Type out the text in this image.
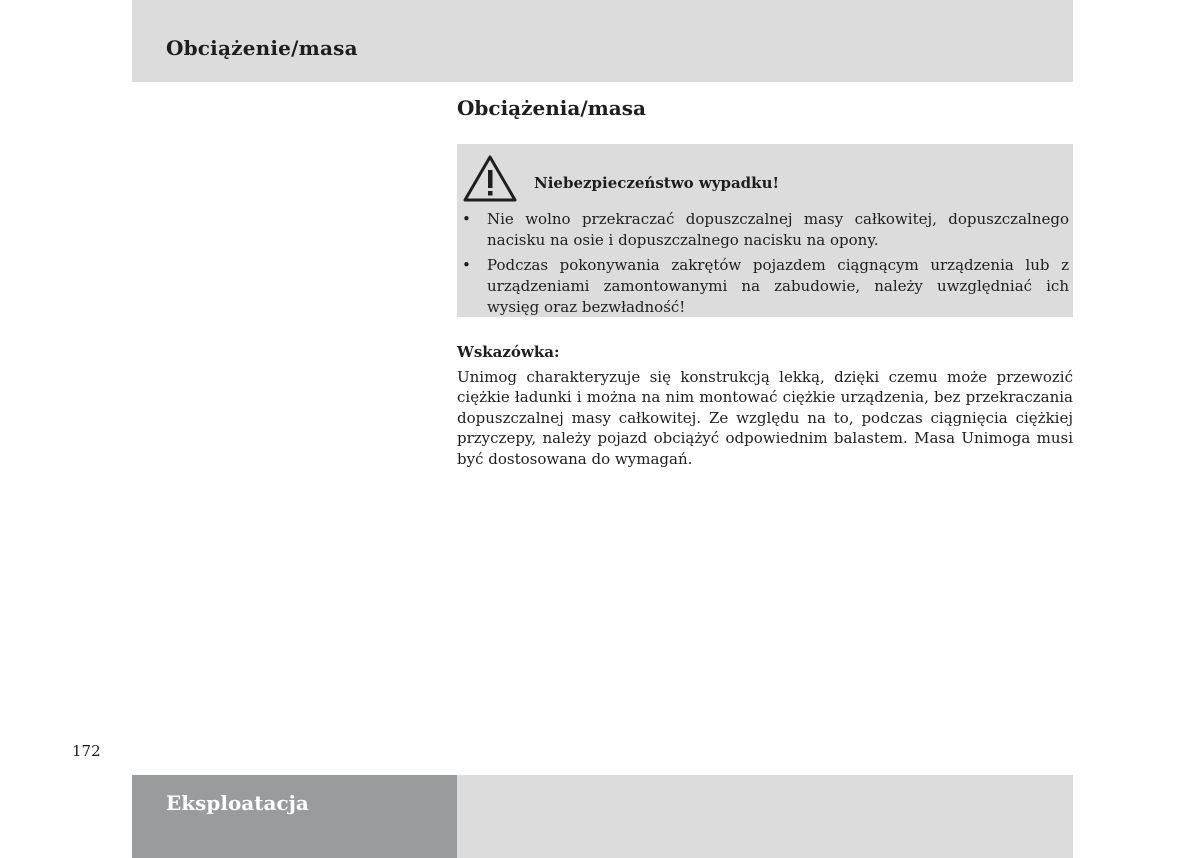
Obciążenie/masa
Obciążenia/masa
Niebezpieczeństwo wypadku!
• Nie wolno przekraczać dopuszczalnej masy całkowitej, dopuszczalnego nacisku na osie i dopuszczalnego nacisku na opony.
• Podczas pokonywania zakrętów pojazdem ciągnącym urządzenia lub z urządzeniami zamontowanymi na zabudowie, należy uwzględniać ich wysięg oraz bezwładność!
Wskazówka:

Unimog charakteryzuje się konstrukcją lekką, dzięki czemu może przewozić ciężkie ładunki i można na nim montować ciężkie urządzenia, bez przekraczania dopuszczalnej masy całkowitej. Ze względu na to, podczas ciągnięcia ciężkiej przyczepy, należy pojazd obciążyć odpowiednim balastem. Masa Unimoga musi być dostosowana do wymagań.

172
Eksploatacja
